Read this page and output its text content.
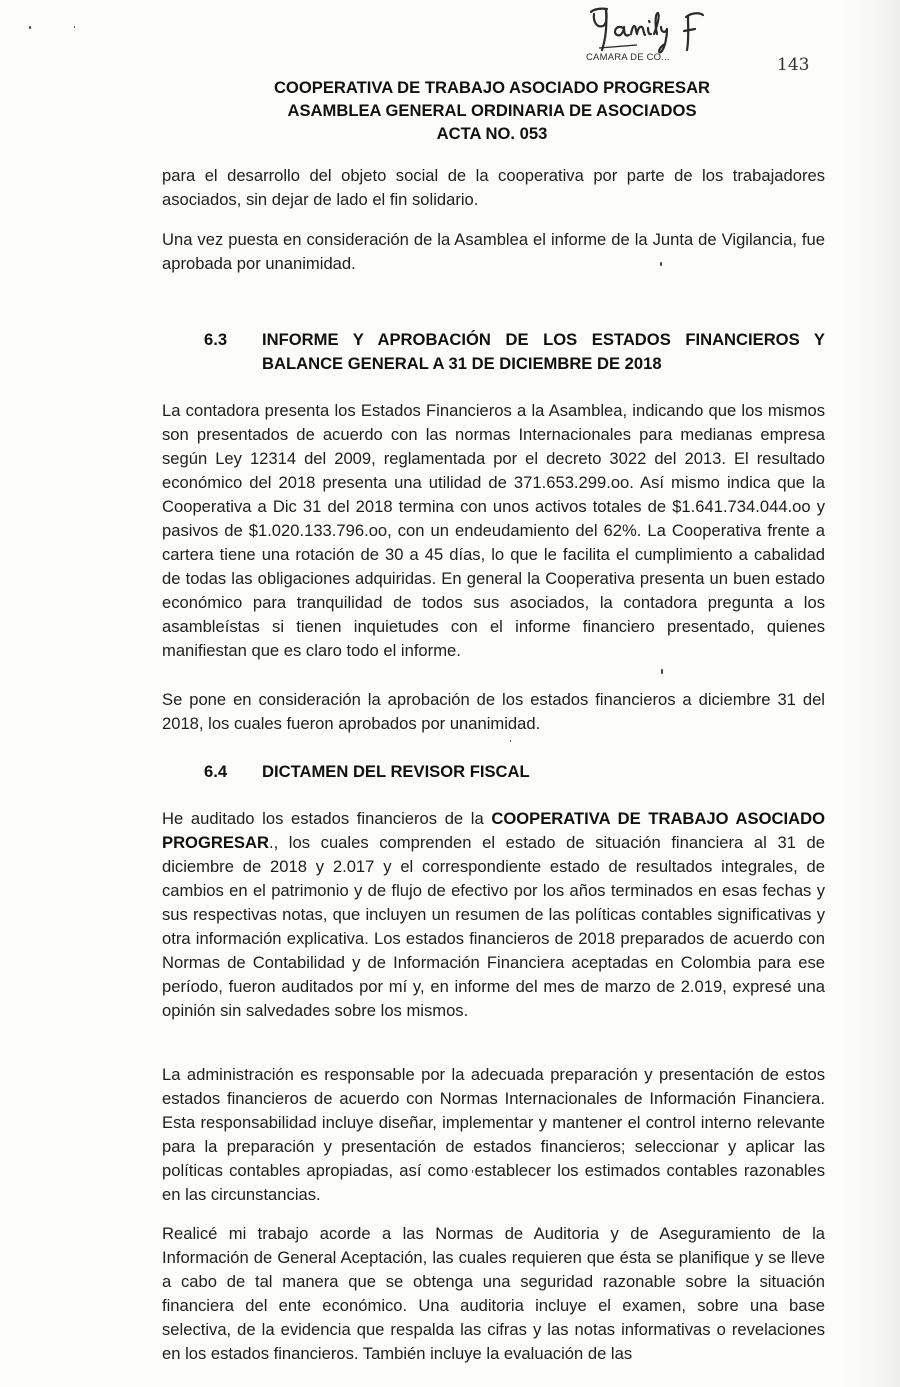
CAMARA DE CO...	143
COOPERATIVA DE TRABAJO ASOCIADO PROGRESAR
ASAMBLEA GENERAL ORDINARIA DE ASOCIADOS
ACTA NO. 053
para el desarrollo del objeto social de la cooperativa por parte de los trabajadores asociados, sin dejar de lado el fin solidario.
Una vez puesta en consideración de la Asamblea el informe de la Junta de Vigilancia, fue aprobada por unanimidad.
6.3 INFORME Y APROBACIÓN DE LOS ESTADOS FINANCIEROS Y BALANCE GENERAL A 31 DE DICIEMBRE DE 2018
La contadora presenta los Estados Financieros a la Asamblea, indicando que los mismos son presentados de acuerdo con las normas Internacionales para medianas empresa según Ley 12314 del 2009, reglamentada por el decreto 3022 del 2013. El resultado económico del 2018 presenta una utilidad de 371.653.299.oo. Así mismo indica que la Cooperativa a Dic 31 del 2018 termina con unos activos totales de $1.641.734.044.oo y pasivos de $1.020.133.796.oo, con un endeudamiento del 62%. La Cooperativa frente a cartera tiene una rotación de 30 a 45 días, lo que le facilita el cumplimiento a cabalidad de todas las obligaciones adquiridas. En general la Cooperativa presenta un buen estado económico para tranquilidad de todos sus asociados, la contadora pregunta a los asambleístas si tienen inquietudes con el informe financiero presentado, quienes manifiestan que es claro todo el informe.
Se pone en consideración la aprobación de los estados financieros a diciembre 31 del 2018, los cuales fueron aprobados por unanimidad.
6.4 DICTAMEN DEL REVISOR FISCAL
He auditado los estados financieros de la COOPERATIVA DE TRABAJO ASOCIADO PROGRESAR., los cuales comprenden el estado de situación financiera al 31 de diciembre de 2018 y 2.017 y el correspondiente estado de resultados integrales, de cambios en el patrimonio y de flujo de efectivo por los años terminados en esas fechas y sus respectivas notas, que incluyen un resumen de las políticas contables significativas y otra información explicativa. Los estados financieros de 2018 preparados de acuerdo con Normas de Contabilidad y de Información Financiera aceptadas en Colombia para ese período, fueron auditados por mí y, en informe del mes de marzo de 2.019, expresé una opinión sin salvedades sobre los mismos.
La administración es responsable por la adecuada preparación y presentación de estos estados financieros de acuerdo con Normas Internacionales de Información Financiera. Esta responsabilidad incluye diseñar, implementar y mantener el control interno relevante para la preparación y presentación de estados financieros; seleccionar y aplicar las políticas contables apropiadas, así como establecer los estimados contables razonables en las circunstancias.
Realicé mi trabajo acorde a las Normas de Auditoria y de Aseguramiento de la Información de General Aceptación, las cuales requieren que ésta se planifique y se lleve a cabo de tal manera que se obtenga una seguridad razonable sobre la situación financiera del ente económico. Una auditoria incluye el examen, sobre una base selectiva, de la evidencia que respalda las cifras y las notas informativas o revelaciones en los estados financieros. También incluye la evaluación de las
